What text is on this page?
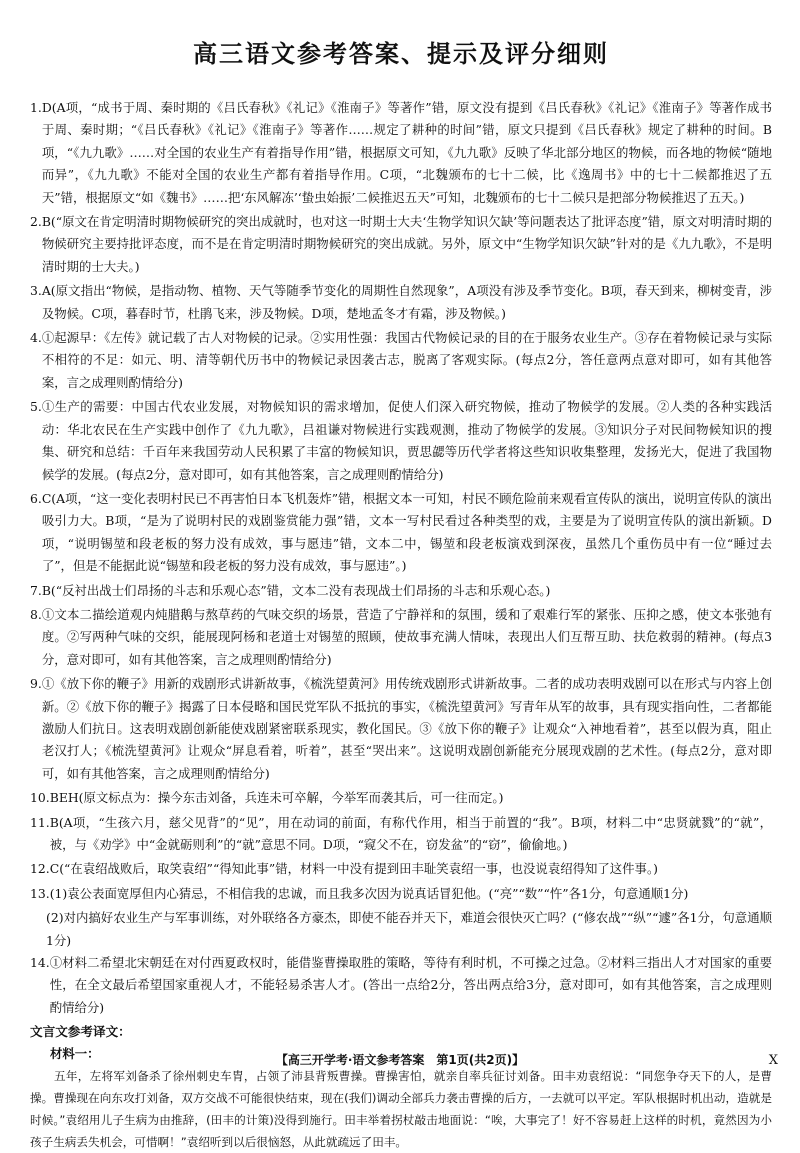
高三语文参考答案、提示及评分细则
1. D(A项，“成书于周、秦时期的《吕氏春秋》《礼记》《淮南子》等著作”错，原文没有提到《吕氏春秋》《礼记》《淮南子》等著作成书于周、秦时期；“《吕氏春秋》《礼记》《淮南子》等著作……规定了耕种的时间”错，原文只提到《吕氏春秋》规定了耕种的时间。B项，“《九九歌》……对全国的农业生产有着指导作用”错，根据原文可知，《九九歌》反映了华北部分地区的物候，而各地的物候“随地而异”，《九九歌》不能对全国的农业生产都有着指导作用。C项，“北魏颁布的七十二候，比《逸周书》中的七十二候都推迟了五天”错，根据原文“如《魏书》……把‘东风解冻’‘蛰虫始振’二候推迟五天”可知，北魏颁布的七十二候只是把部分物候推迟了五天。)
2. B(“原文在肯定明清时期物候研究的突出成就时，也对这一时期士大夫‘生物学知识欠缺’等问题表达了批评态度”错，原文对明清时期的物候研究主要持批评态度，而不是在肯定明清时期物候研究的突出成就。另外，原文中“生物学知识欠缺”针对的是《九九歌》，不是明清时期的士大夫。)
3. A(原文指出“物候，是指动物、植物、天气等随季节变化的周期性自然现象”，A项没有涉及季节变化。B项，春天到来，柳树变青，涉及物候。C项，暮春时节，杜鹃飞来，涉及物候。D项，楚地孟冬才有霜，涉及物候。)
4. ①起源早：《左传》就记载了古人对物候的记录。②实用性强：我国古代物候记录的目的在于服务农业生产。③存在着物候记录与实际不相符的不足：如元、明、清等朝代历书中的物候记录因袭古志，脱离了客观实际。(每点2分，答任意两点意对即可，如有其他答案，言之成理则酌情给分)
5. ①生产的需要：中国古代农业发展，对物候知识的需求增加，促使人们深入研究物候，推动了物候学的发展。②人类的各种实践活动：华北农民在生产实践中创作了《九九歌》，吕祖谦对物候进行实践观测，推动了物候学的发展。③知识分子对民间物候知识的搜集、研究和总结：千百年来我国劳动人民积累了丰富的物候知识，贾思勰等历代学者将这些知识收集整理，发扬光大，促进了我国物候学的发展。(每点2分，意对即可，如有其他答案，言之成理则酌情给分)
6. C(A项，“这一变化表明村民已不再害怕日本飞机轰炸”错，根据文本一可知，村民不顾危险前来观看宣传队的演出，说明宣传队的演出吸引力大。B项，“是为了说明村民的戏剧鉴赏能力强”错，文本一写村民看过各种类型的戏，主要是为了说明宣传队的演出新颖。D项，“说明锡堃和段老板的努力没有成效，事与愿违”错，文本二中，锡堃和段老板演戏到深夜，虽然几个重伤员中有一位“睡过去了”，但是不能据此说“锡堃和段老板的努力没有成效，事与愿违”。)
7. B(“反衬出战士们昂扬的斗志和乐观心态”错，文本二没有表现战士们昂扬的斗志和乐观心态。)
8. ①文本二描绘道观内炖腊鹅与熬草药的气味交织的场景，营造了宁静祥和的氛围，缓和了艰难行军的紧张、压抑之感，使文本张弛有度。②写两种气味的交织，能展现阿杨和老道士对锡堃的照顾，使故事充满人情味，表现出人们互帮互助、扶危救弱的精神。(每点3分，意对即可，如有其他答案，言之成理则酌情给分)
9. ①《放下你的鞭子》用新的戏剧形式讲新故事，《梳洗望黄河》用传统戏剧形式讲新故事。二者的成功表明戏剧可以在形式与内容上创新。②《放下你的鞭子》揭露了日本侵略和国民党军队不抵抗的事实，《梳洗望黄河》写青年从军的故事，具有现实指向性，二者都能激励人们抗日。这表明戏剧创新能使戏剧紧密联系现实，教化国民。③《放下你的鞭子》让观众“入神地看着”，甚至以假为真，阻止老汉打人；《梳洗望黄河》让观众“屏息看着，听着”，甚至“哭出来”。这说明戏剧创新能充分展现戏剧的艺术性。(每点2分，意对即可，如有其他答案，言之成理则酌情给分)
10. BEH(原文标点为：操今东击刘备，兵连未可卒解，今举军而袭其后，可一往而定。)
11. B(A项，“生孩六月，慈父见背”的“见”，用在动词的前面，有称代作用，相当于前置的“我”。B项，材料二中“忠贤就戮”的“就”，被，与《劝学》中“金就砺则利”的“就”意思不同。D项，“窥父不在，窃发盆”的“窃”，偷偷地。)
12. C(“在袁绍战败后，取笑袁绍”“得知此事”错，材料一中没有提到田丰耻笑袁绍一事，也没说袁绍得知了这件事。)
13. (1)袁公表面宽厚但内心猜忌，不相信我的忠诚，而且我多次因为说真话冒犯他。(“亮”“数”“忤”各1分，句意通顺1分)
(2)对内搞好农业生产与军事训练，对外联络各方豪杰，即使不能吞并天下，难道会很快灭亡吗？(“修农战”“纵”“遽”各1分，句意通顺1分)
14. ①材料二希望北宋朝廷在对付西夏政权时，能借鉴曹操取胜的策略，等待有利时机，不可操之过急。②材料三指出人才对国家的重要性，在全文最后希望国家重视人才，不能轻易杀害人才。(答出一点给2分，答出两点给3分，意对即可，如有其他答案，言之成理则酌情给分)
文言文参考译文：
材料一：
五年，左将军刘备杀了徐州刺史车胄，占领了沛县背叛曹操。曹操害怕，就亲自率兵征讨刘备。田丰劝袁绍说：“同您争夺天下的人，是曹操。曹操现在向东攻打刘备，双方交战不可能很快结束，现在(我们)调动全部兵力袭击曹操的后方，一去就可以平定。军队根据时机出动，造就是时候。”袁绍用儿子生病为由推辞，(田丰的计策)没得到施行。田丰举着拐杖敲击地面说：“唉，大事完了！好不容易赶上这样的时机，竟然因为小孩子生病丢失机会，可惜啊！”袁绍听到以后很恼怒，从此就疏远了田丰。
【高三开学考·语文参考答案　第1页(共2页)】	X
